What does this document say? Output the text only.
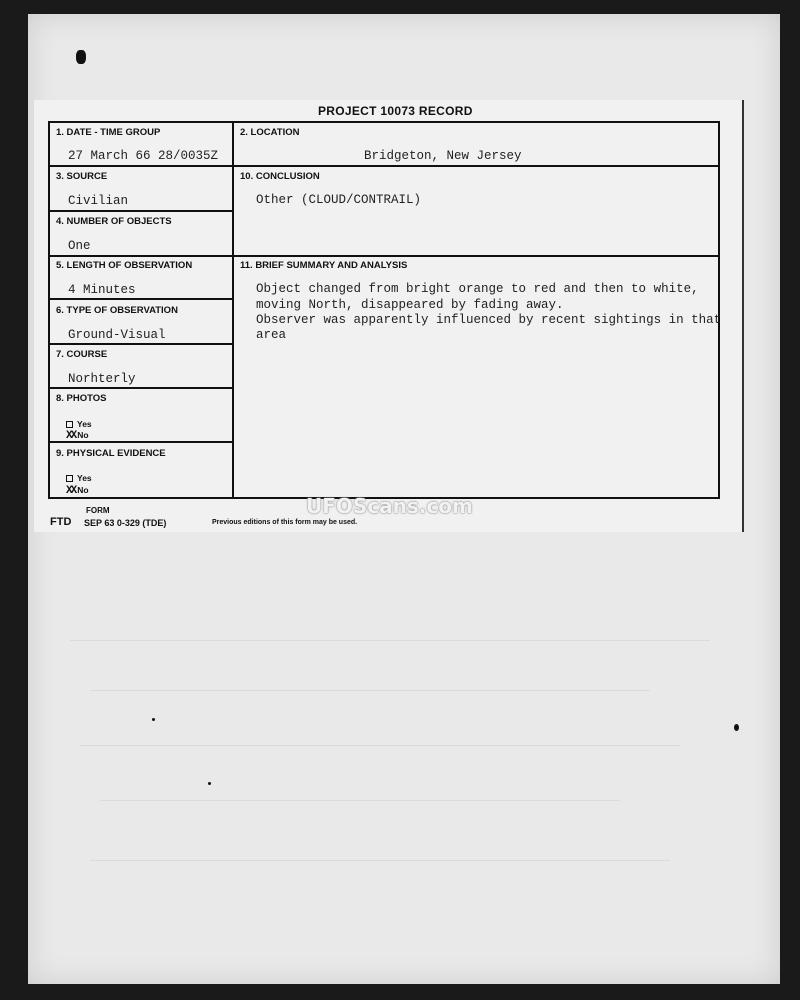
PROJECT 10073 RECORD
1. DATE - TIME GROUP
27 March 66 28/0035Z
2. LOCATION
Bridgeton, New Jersey
3. SOURCE
Civilian
10. CONCLUSION
Other (CLOUD/CONTRAIL)
4. NUMBER OF OBJECTS
One
5. LENGTH OF OBSERVATION
4 Minutes
11. BRIEF SUMMARY AND ANALYSIS
Object changed from bright orange to red and then to white,
moving North, disappeared by fading away.
Observer was apparently influenced by recent sightings in that
area
6. TYPE OF OBSERVATION
Ground-Visual
7. COURSE
Norhterly
8. PHOTOS
Yes
XX No
9. PHYSICAL EVIDENCE
Yes
XX No
FORM
FTD SEP 63 0-329 (TDE)	Previous editions of this form may be used.
UFOScans.com
